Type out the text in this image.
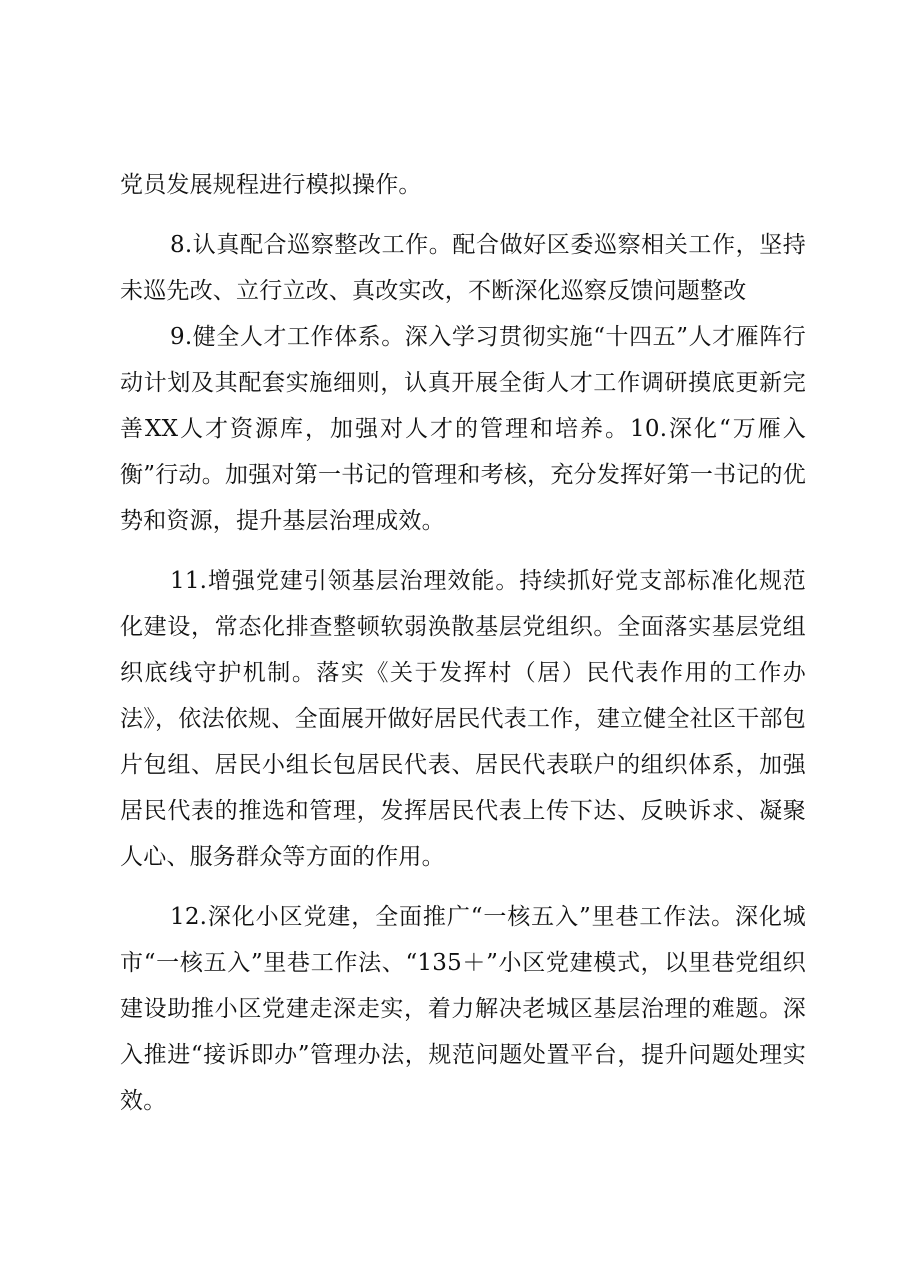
党员发展规程进行模拟操作。

8.认真配合巡察整改工作。配合做好区委巡察相关工作，坚持未巡先改、立行立改、真改实改，不断深化巡察反馈问题整改

9.健全人才工作体系。深入学习贯彻实施“十四五”人才雁阵行动计划及其配套实施细则，认真开展全街人才工作调研摸底更新完善XX人才资源库，加强对人才的管理和培养。10.深化“万雁入衡”行动。加强对第一书记的管理和考核，充分发挥好第一书记的优势和资源，提升基层治理成效。

11.增强党建引领基层治理效能。持续抓好党支部标准化规范化建设，常态化排查整顿软弱涣散基层党组织。全面落实基层党组织底线守护机制。落实《关于发挥村（居）民代表作用的工作办法》，依法依规、全面展开做好居民代表工作，建立健全社区干部包片包组、居民小组长包居民代表、居民代表联户的组织体系，加强居民代表的推选和管理，发挥居民代表上传下达、反映诉求、凝聚人心、服务群众等方面的作用。

12.深化小区党建，全面推广“一核五入”里巷工作法。深化城市“一核五入”里巷工作法、“135＋”小区党建模式，以里巷党组织建设助推小区党建走深走实，着力解决老城区基层治理的难题。深入推进“接诉即办”管理办法，规范问题处置平台，提升问题处理实效。
